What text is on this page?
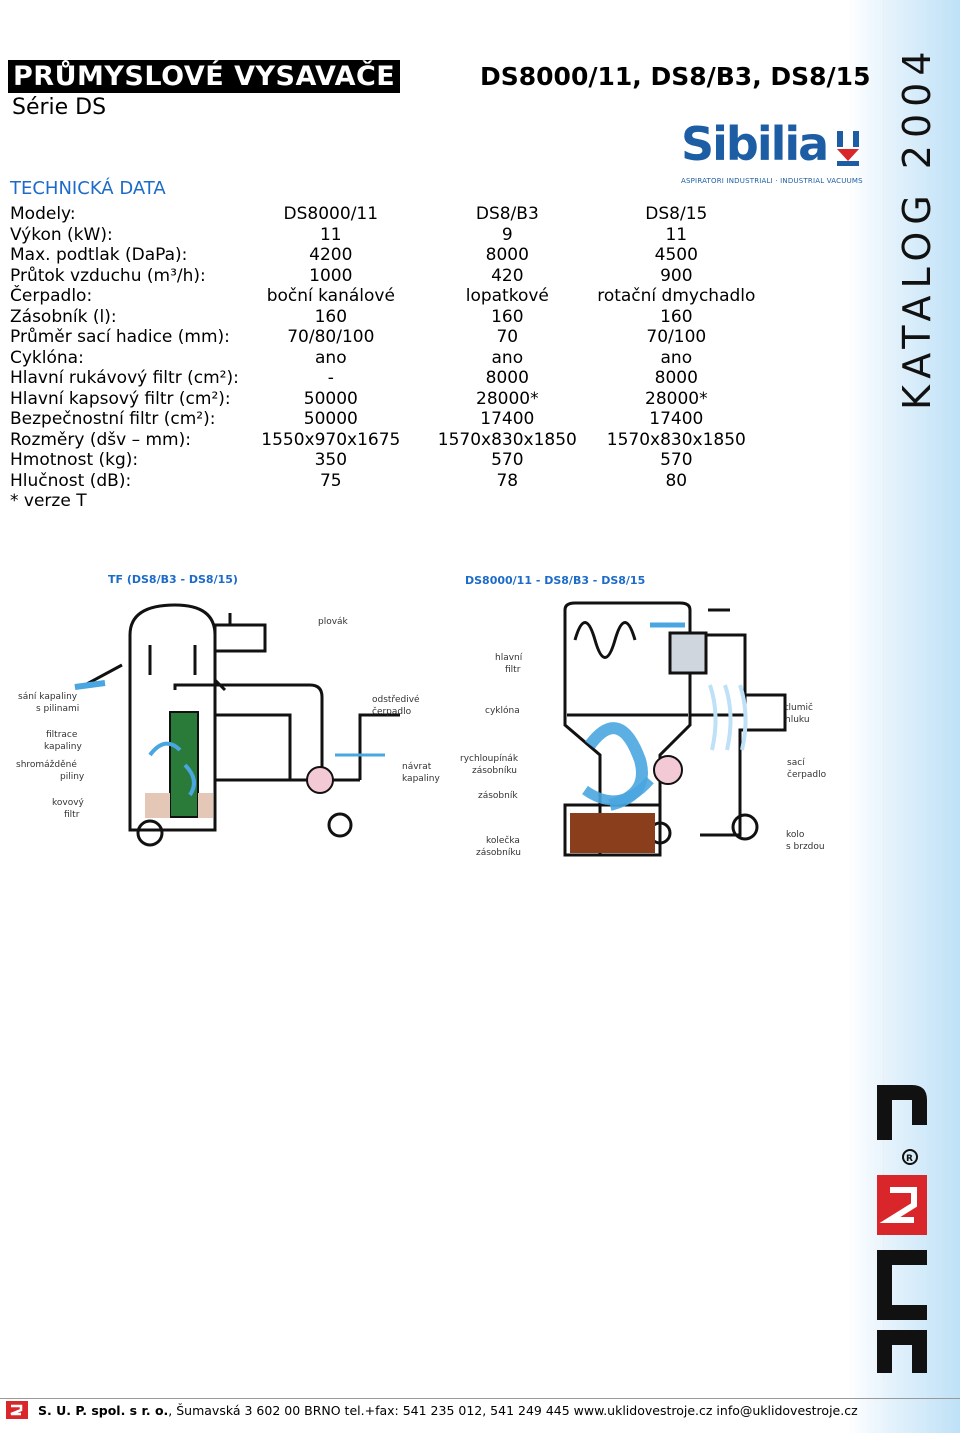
KATALOG 2004
PRŮMYSLOVÉ VYSAVAČE	DS8000/11, DS8/B3, DS8/15
Série DS
Sibilia
ASPIRATORI INDUSTRIALI · INDUSTRIAL VACUUMS
TECHNICKÁ DATA
Modely:	DS8000/11	DS8/B3	DS8/15
Výkon (kW):	11	9	11
Max. podtlak (DaPa):	4200	8000	4500
Průtok vzduchu (m³/h):	1000	420	900
Čerpadlo:	boční kanálové	lopatkové	rotační dmychadlo
Zásobník (l):	160	160	160
Průměr sací hadice (mm):	70/80/100	70	70/100
Cyklóna:	ano	ano	ano
Hlavní rukávový filtr (cm²):	-	8000	8000
Hlavní kapsový filtr (cm²):	50000	28000*	28000*
Bezpečnostní filtr (cm²):	50000	17400	17400
Rozměry (dšv – mm):	1550x970x1675	1570x830x1850	1570x830x1850
Hmotnost (kg):	350	570	570
Hlučnost (dB):	75	78	80
* verze T
TF (DS8/B3 - DS8/15)	DS8000/11 - DS8/B3 - DS8/15
plovák
sání kapaliny
s pilinami
filtrace
kapaliny
shromážděné
piliny
kovový
filtr
odstředivé
čerpadlo
návrat
kapaliny
hlavní
filtr
cyklóna
rychloupínák
zásobníku
zásobník
kolečka
zásobníku
tlumič
hluku
sací
čerpadlo
kolo
s brzdou
R
S. U. P. spol. s r. o., Šumavská 3 602 00 BRNO tel.+fax: 541 235 012, 541 249 445 www.uklidovestroje.cz info@uklidovestroje.cz
